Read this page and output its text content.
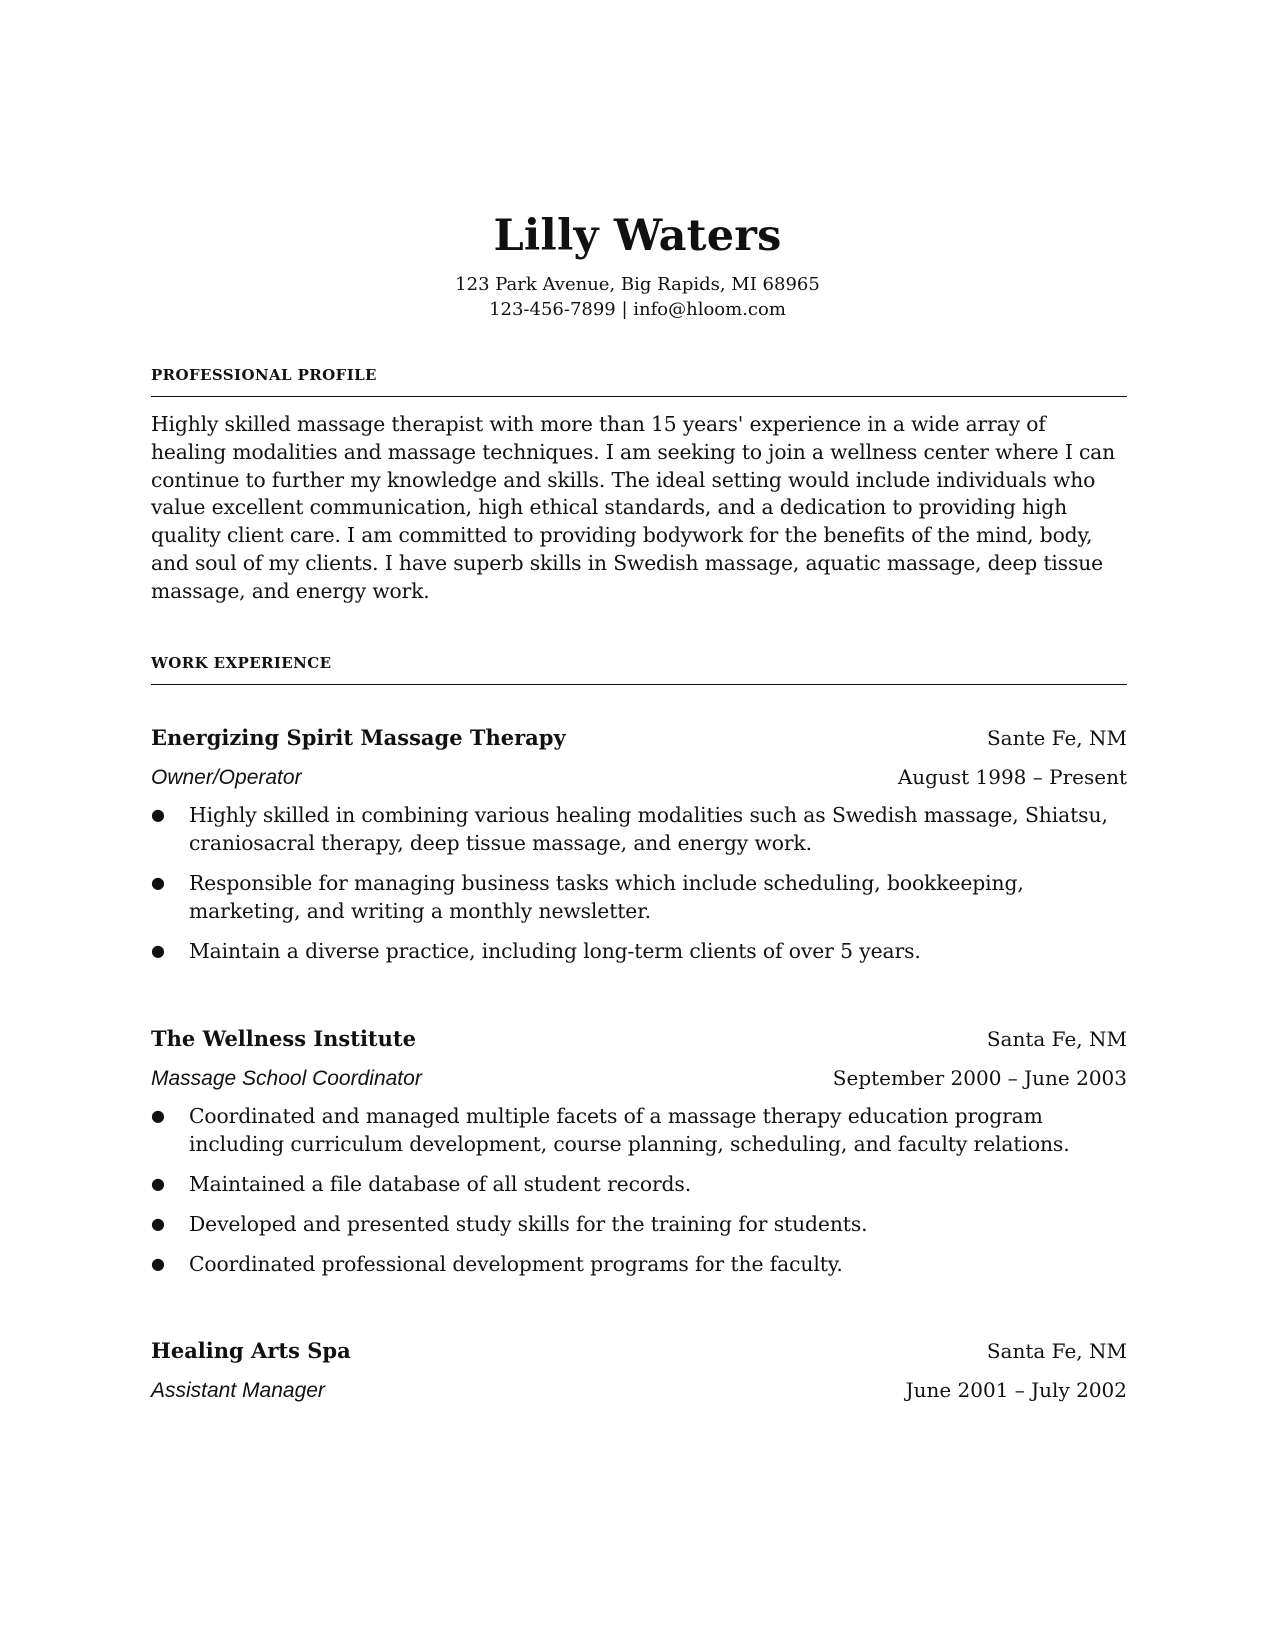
Lilly Waters
123 Park Avenue, Big Rapids, MI 68965
123-456-7899 | info@hloom.com
PROFESSIONAL PROFILE
Highly skilled massage therapist with more than 15 years' experience in a wide array of healing modalities and massage techniques. I am seeking to join a wellness center where I can continue to further my knowledge and skills. The ideal setting would include individuals who value excellent communication, high ethical standards, and a dedication to providing high quality client care. I am committed to providing bodywork for the benefits of the mind, body, and soul of my clients. I have superb skills in Swedish massage, aquatic massage, deep tissue massage, and energy work.
WORK EXPERIENCE
Energizing Spirit Massage Therapy	Sante Fe, NM
Owner/Operator	August 1998 – Present
● Highly skilled in combining various healing modalities such as Swedish massage, Shiatsu, craniosacral therapy, deep tissue massage, and energy work.
● Responsible for managing business tasks which include scheduling, bookkeeping, marketing, and writing a monthly newsletter.
● Maintain a diverse practice, including long-term clients of over 5 years.
The Wellness Institute	Santa Fe, NM
Massage School Coordinator	September 2000 – June 2003
● Coordinated and managed multiple facets of a massage therapy education program including curriculum development, course planning, scheduling, and faculty relations.
● Maintained a file database of all student records.
● Developed and presented study skills for the training for students.
● Coordinated professional development programs for the faculty.
Healing Arts Spa	Santa Fe, NM
Assistant Manager	June 2001 – July 2002
